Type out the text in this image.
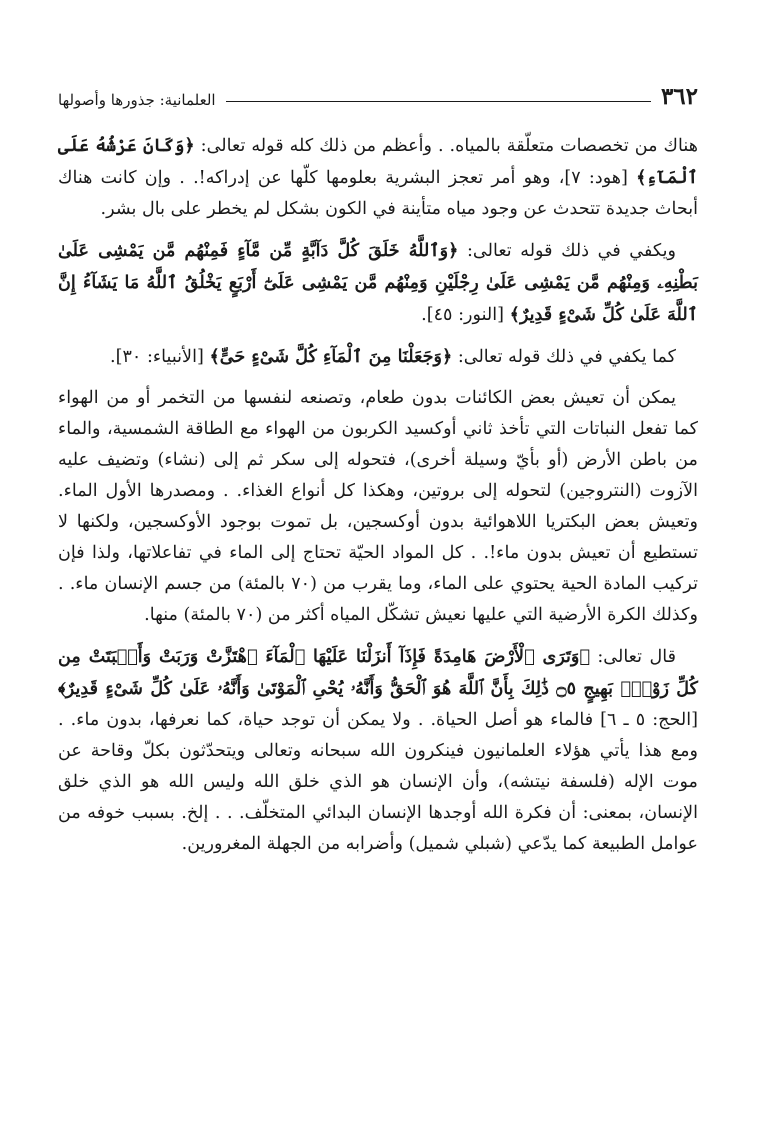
٣٦٢
العلمانية: جذورها وأصولها

هناك من تخصصات متعلّقة بالمياه. . وأعظم من ذلك كله قوله تعالى: ﴿وَكَانَ عَرْشُهُ عَلَى ٱلْمَآءِ﴾ [هود: ٧]، وهو أمر تعجز البشرية بعلومها كلّها عن إدراكه!. . وإن كانت هناك أبحاث جديدة تتحدث عن وجود مياه متأينة في الكون بشكل لم يخطر على بال بشر.

ويكفي في ذلك قوله تعالى: ﴿وَٱللَّهُ خَلَقَ كُلَّ دَآبَّةٍ مِّن مَّآءٍ فَمِنْهُم مَّن يَمْشِى عَلَىٰ بَطْنِهِۦ وَمِنْهُم مَّن يَمْشِى عَلَىٰ رِجْلَيْنِ وَمِنْهُم مَّن يَمْشِى عَلَىٰٓ أَرْبَعٍ يَخْلُقُ ٱللَّهُ مَا يَشَآءُ إِنَّ ٱللَّهَ عَلَىٰ كُلِّ شَىْءٍ قَدِيرٌ﴾ [النور: ٤٥].

كما يكفي في ذلك قوله تعالى: ﴿وَجَعَلْنَا مِنَ ٱلْمَآءِ كُلَّ شَىْءٍ حَىٍّ﴾ [الأنبياء: ٣٠].

يمكن أن تعيش بعض الكائنات بدون طعام، وتصنعه لنفسها من التخمر أو من الهواء كما تفعل النباتات التي تأخذ ثاني أوكسيد الكربون من الهواء مع الطاقة الشمسية، والماء من باطن الأرض (أو بأيّ وسيلة أخرى)، فتحوله إلى سكر ثم إلى (نشاء) وتضيف عليه الآزوت (النتروجين) لتحوله إلى بروتين، وهكذا كل أنواع الغذاء. . ومصدرها الأول الماء. وتعيش بعض البكتريا اللاهوائية بدون أوكسجين، بل تموت بوجود الأوكسجين، ولكنها لا تستطيع أن تعيش بدون ماء!. . كل المواد الحيّة تحتاج إلى الماء في تفاعلاتها، ولذا فإن تركيب المادة الحية يحتوي على الماء، وما يقرب من (٧٠ بالمئة) من جسم الإنسان ماء. . وكذلك الكرة الأرضية التي عليها نعيش تشكّل المياه أكثر من (٧٠ بالمئة) منها.

قال تعالى: ﴿وَتَرَى ٱلْأَرْضَ هَامِدَةً فَإِذَآ أَنزَلْنَا عَلَيْهَا ٱلْمَآءَ ٱهْتَزَّتْ وَرَبَتْ وَأَنۢبَتَتْ مِن كُلِّ زَوْجٍۭ بَهِيجٍ ۝٥ ذَٰلِكَ بِأَنَّ ٱللَّهَ هُوَ ٱلْحَقُّ وَأَنَّهُۥ يُحْىِ ٱلْمَوْتَىٰ وَأَنَّهُۥ عَلَىٰ كُلِّ شَىْءٍ قَدِيرٌ﴾ [الحج: ٥ ـ ٦] فالماء هو أصل الحياة. . ولا يمكن أن توجد حياة، كما نعرفها، بدون ماء. . ومع هذا يأتي هؤلاء العلمانيون فينكرون الله سبحانه وتعالى ويتحدّثون بكلّ وقاحة عن موت الإله (فلسفة نيتشه)، وأن الإنسان هو الذي خلق الله وليس الله هو الذي خلق الإنسان، بمعنى: أن فكرة الله أوجدها الإنسان البدائي المتخلّف. . . إلخ. بسبب خوفه من عوامل الطبيعة كما يدّعي (شبلي شميل) وأضرابه من الجهلة المغرورين.
